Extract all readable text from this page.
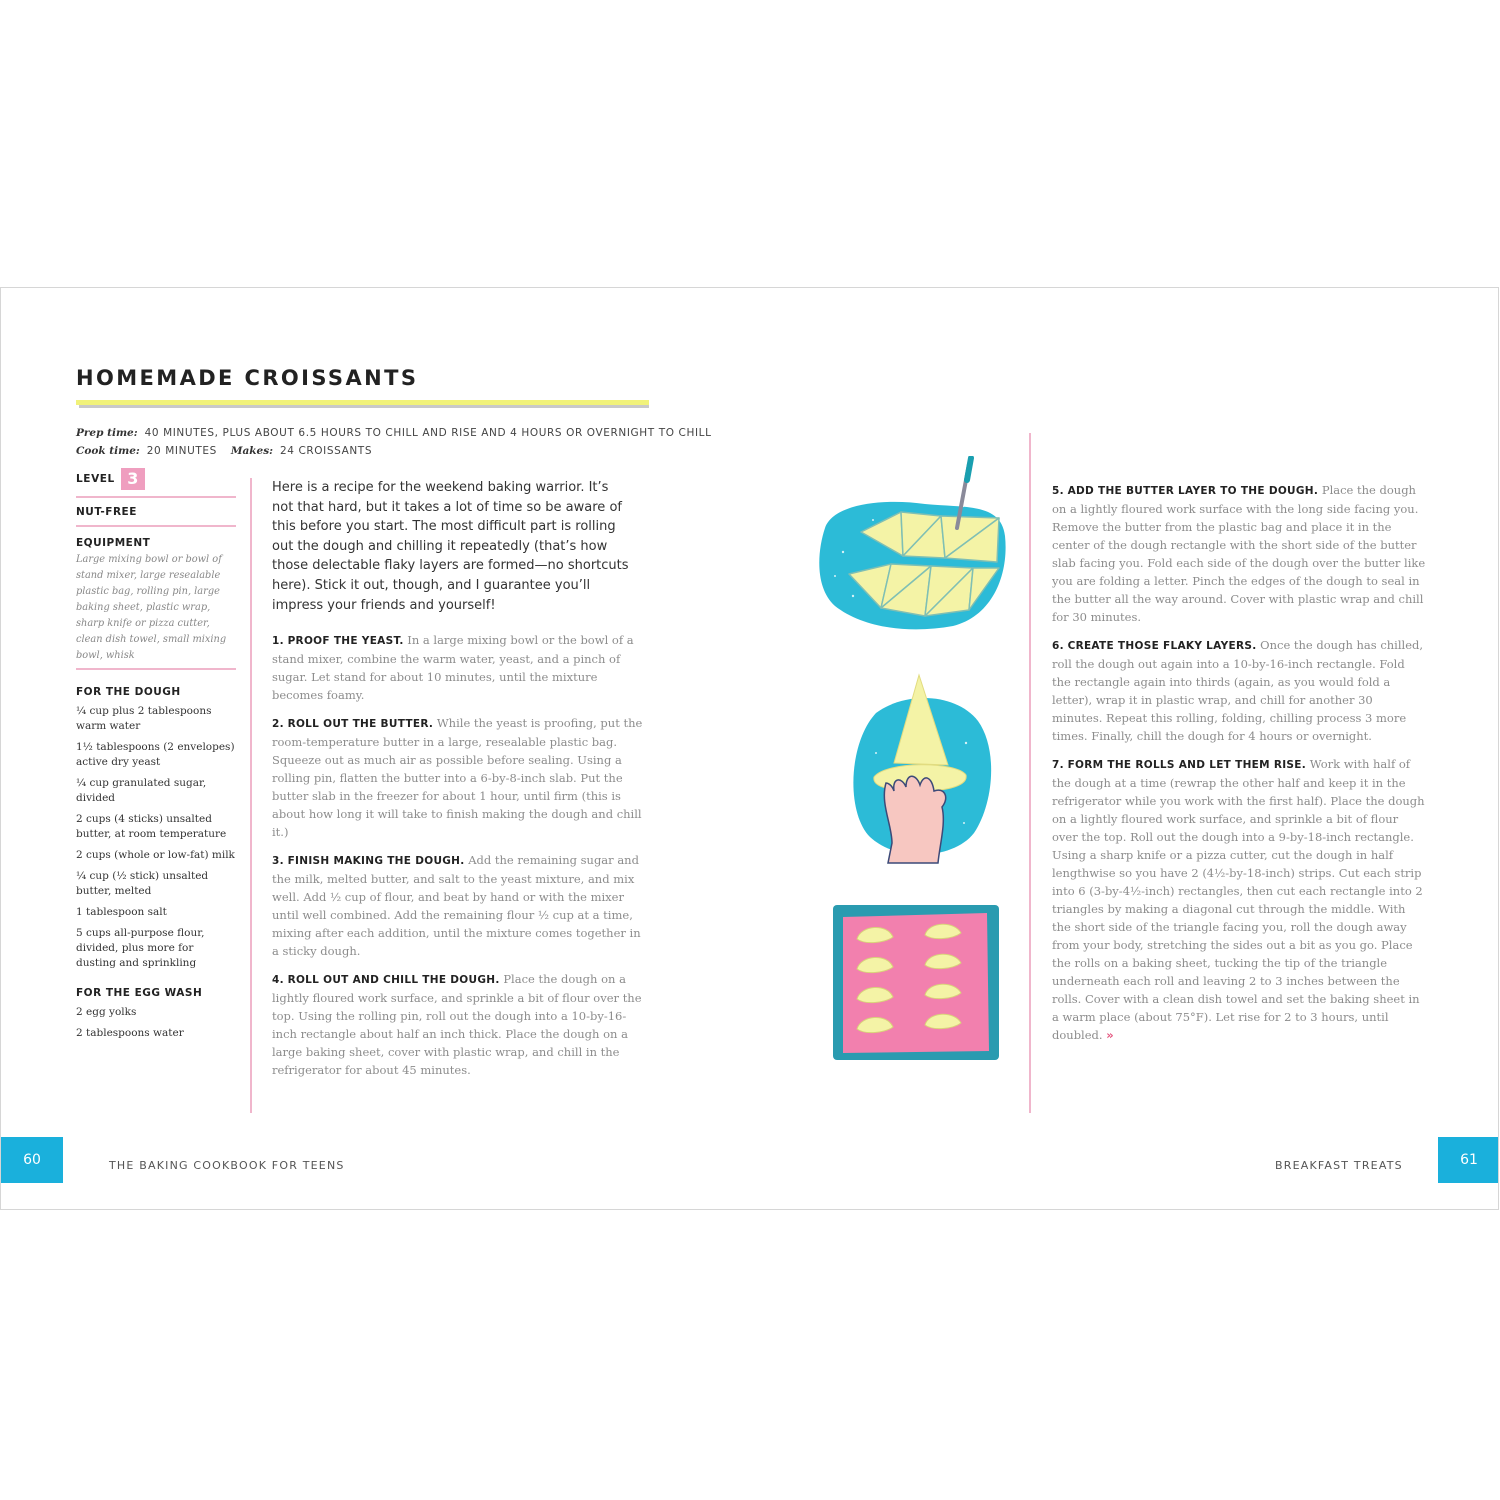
HOMEMADE CROISSANTS
Prep time: 40 MINUTES, PLUS ABOUT 6.5 HOURS TO CHILL AND RISE AND 4 HOURS OR OVERNIGHT TO CHILL
Cook time: 20 MINUTES Makes: 24 CROISSANTS
LEVEL 3
NUT-FREE
EQUIPMENT
Large mixing bowl or bowl of stand mixer, large resealable plastic bag, rolling pin, large baking sheet, plastic wrap, sharp knife or pizza cutter, clean dish towel, small mixing bowl, whisk
FOR THE DOUGH
¼ cup plus 2 tablespoons warm water
1½ tablespoons (2 envelopes) active dry yeast
¼ cup granulated sugar, divided
2 cups (4 sticks) unsalted butter, at room temperature
2 cups (whole or low-fat) milk
¼ cup (½ stick) unsalted butter, melted
1 tablespoon salt
5 cups all-purpose flour, divided, plus more for dusting and sprinkling
FOR THE EGG WASH
2 egg yolks
2 tablespoons water
Here is a recipe for the weekend baking warrior. It’s not that hard, but it takes a lot of time so be aware of this before you start. The most difficult part is rolling out the dough and chilling it repeatedly (that’s how those delectable flaky layers are formed—no shortcuts here). Stick it out, though, and I guarantee you’ll impress your friends and yourself!
1. PROOF THE YEAST. In a large mixing bowl or the bowl of a stand mixer, combine the warm water, yeast, and a pinch of sugar. Let stand for about 10 minutes, until the mixture becomes foamy.
2. ROLL OUT THE BUTTER. While the yeast is proofing, put the room-temperature butter in a large, resealable plastic bag. Squeeze out as much air as possible before sealing. Using a rolling pin, flatten the butter into a 6-by-8-inch slab. Put the butter slab in the freezer for about 1 hour, until firm (this is about how long it will take to finish making the dough and chill it.)
3. FINISH MAKING THE DOUGH. Add the remaining sugar and the milk, melted butter, and salt to the yeast mixture, and mix well. Add ½ cup of flour, and beat by hand or with the mixer until well combined. Add the remaining flour ½ cup at a time, mixing after each addition, until the mixture comes together in a sticky dough.
4. ROLL OUT AND CHILL THE DOUGH. Place the dough on a lightly floured work surface, and sprinkle a bit of flour over the top. Using the rolling pin, roll out the dough into a 10-by-16-inch rectangle about half an inch thick. Place the dough on a large baking sheet, cover with plastic wrap, and chill in the refrigerator for about 45 minutes.
5. ADD THE BUTTER LAYER TO THE DOUGH. Place the dough on a lightly floured work surface with the long side facing you. Remove the butter from the plastic bag and place it in the center of the dough rectangle with the short side of the butter slab facing you. Fold each side of the dough over the butter like you are folding a letter. Pinch the edges of the dough to seal in the butter all the way around. Cover with plastic wrap and chill for 30 minutes.
6. CREATE THOSE FLAKY LAYERS. Once the dough has chilled, roll the dough out again into a 10-by-16-inch rectangle. Fold the rectangle again into thirds (again, as you would fold a letter), wrap it in plastic wrap, and chill for another 30 minutes. Repeat this rolling, folding, chilling process 3 more times. Finally, chill the dough for 4 hours or overnight.
7. FORM THE ROLLS AND LET THEM RISE. Work with half of the dough at a time (rewrap the other half and keep it in the refrigerator while you work with the first half). Place the dough on a lightly floured work surface, and sprinkle a bit of flour over the top. Roll out the dough into a 9-by-18-inch rectangle. Using a sharp knife or a pizza cutter, cut the dough in half lengthwise so you have 2 (4½-by-18-inch) strips. Cut each strip into 6 (3-by-4½-inch) rectangles, then cut each rectangle into 2 triangles by making a diagonal cut through the middle. With the short side of the triangle facing you, roll the dough away from your body, stretching the sides out a bit as you go. Place the rolls on a baking sheet, tucking the tip of the triangle underneath each roll and leaving 2 to 3 inches between the rolls. Cover with a clean dish towel and set the baking sheet in a warm place (about 75°F). Let rise for 2 to 3 hours, until doubled. »
60	THE BAKING COOKBOOK FOR TEENS	BREAKFAST TREATS	61
